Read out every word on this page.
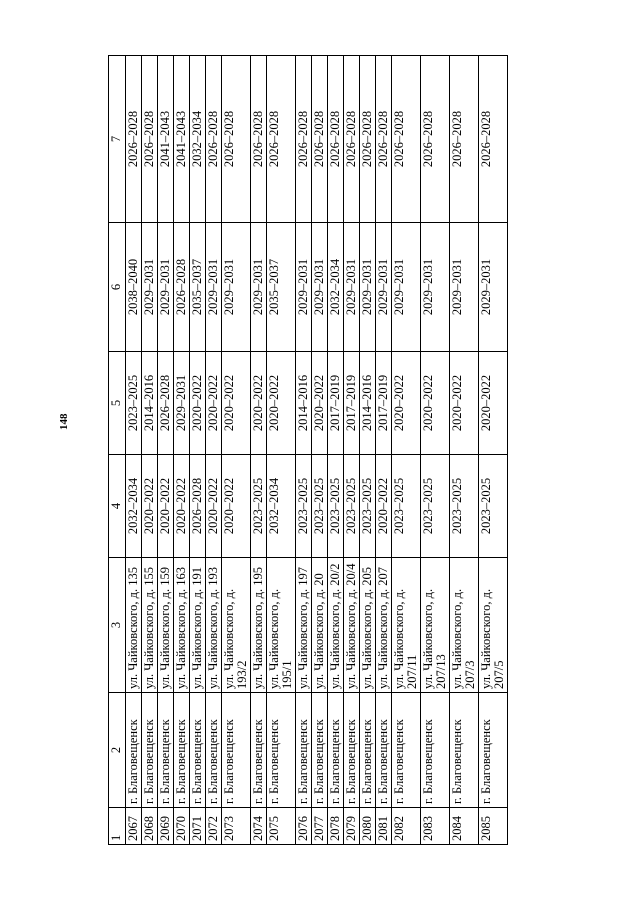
148
1	2	3	4	5	6	7
2067	г. Благовещенск	ул. Чайковского, д. 135	2032–2034	2023–2025	2038–2040	2026–2028
2068	г. Благовещенск	ул. Чайковского, д. 155	2020–2022	2014–2016	2029–2031	2026–2028
2069	г. Благовещенск	ул. Чайковского, д. 159	2020–2022	2026–2028	2029–2031	2041–2043
2070	г. Благовещенск	ул. Чайковского, д. 163	2020–2022	2029–2031	2026–2028	2041–2043
2071	г. Благовещенск	ул. Чайковского, д. 191	2026–2028	2020–2022	2035–2037	2032–2034
2072	г. Благовещенск	ул. Чайковского, д. 193	2020–2022	2020–2022	2029–2031	2026–2028
2073	г. Благовещенск	ул. Чайковского, д. 193/2	2020–2022	2020–2022	2029–2031	2026–2028
2074	г. Благовещенск	ул. Чайковского, д. 195	2023–2025	2020–2022	2029–2031	2026–2028
2075	г. Благовещенск	ул. Чайковского, д. 195/1	2032–2034	2020–2022	2035–2037	2026–2028
2076	г. Благовещенск	ул. Чайковского, д. 197	2023–2025	2014–2016	2029–2031	2026–2028
2077	г. Благовещенск	ул. Чайковского, д. 20	2023–2025	2020–2022	2029–2031	2026–2028
2078	г. Благовещенск	ул. Чайковского, д. 20/2	2023–2025	2017–2019	2032–2034	2026–2028
2079	г. Благовещенск	ул. Чайковского, д. 20/4	2023–2025	2017–2019	2029–2031	2026–2028
2080	г. Благовещенск	ул. Чайковского, д. 205	2023–2025	2014–2016	2029–2031	2026–2028
2081	г. Благовещенск	ул. Чайковского, д. 207	2020–2022	2017–2019	2029–2031	2026–2028
2082	г. Благовещенск	ул. Чайковского, д. 207/11	2023–2025	2020–2022	2029–2031	2026–2028
2083	г. Благовещенск	ул. Чайковского, д. 207/13	2023–2025	2020–2022	2029–2031	2026–2028
2084	г. Благовещенск	ул. Чайковского, д. 207/3	2023–2025	2020–2022	2029–2031	2026–2028
2085	г. Благовещенск	ул. Чайковского, д. 207/5	2023–2025	2020–2022	2029–2031	2026–2028
